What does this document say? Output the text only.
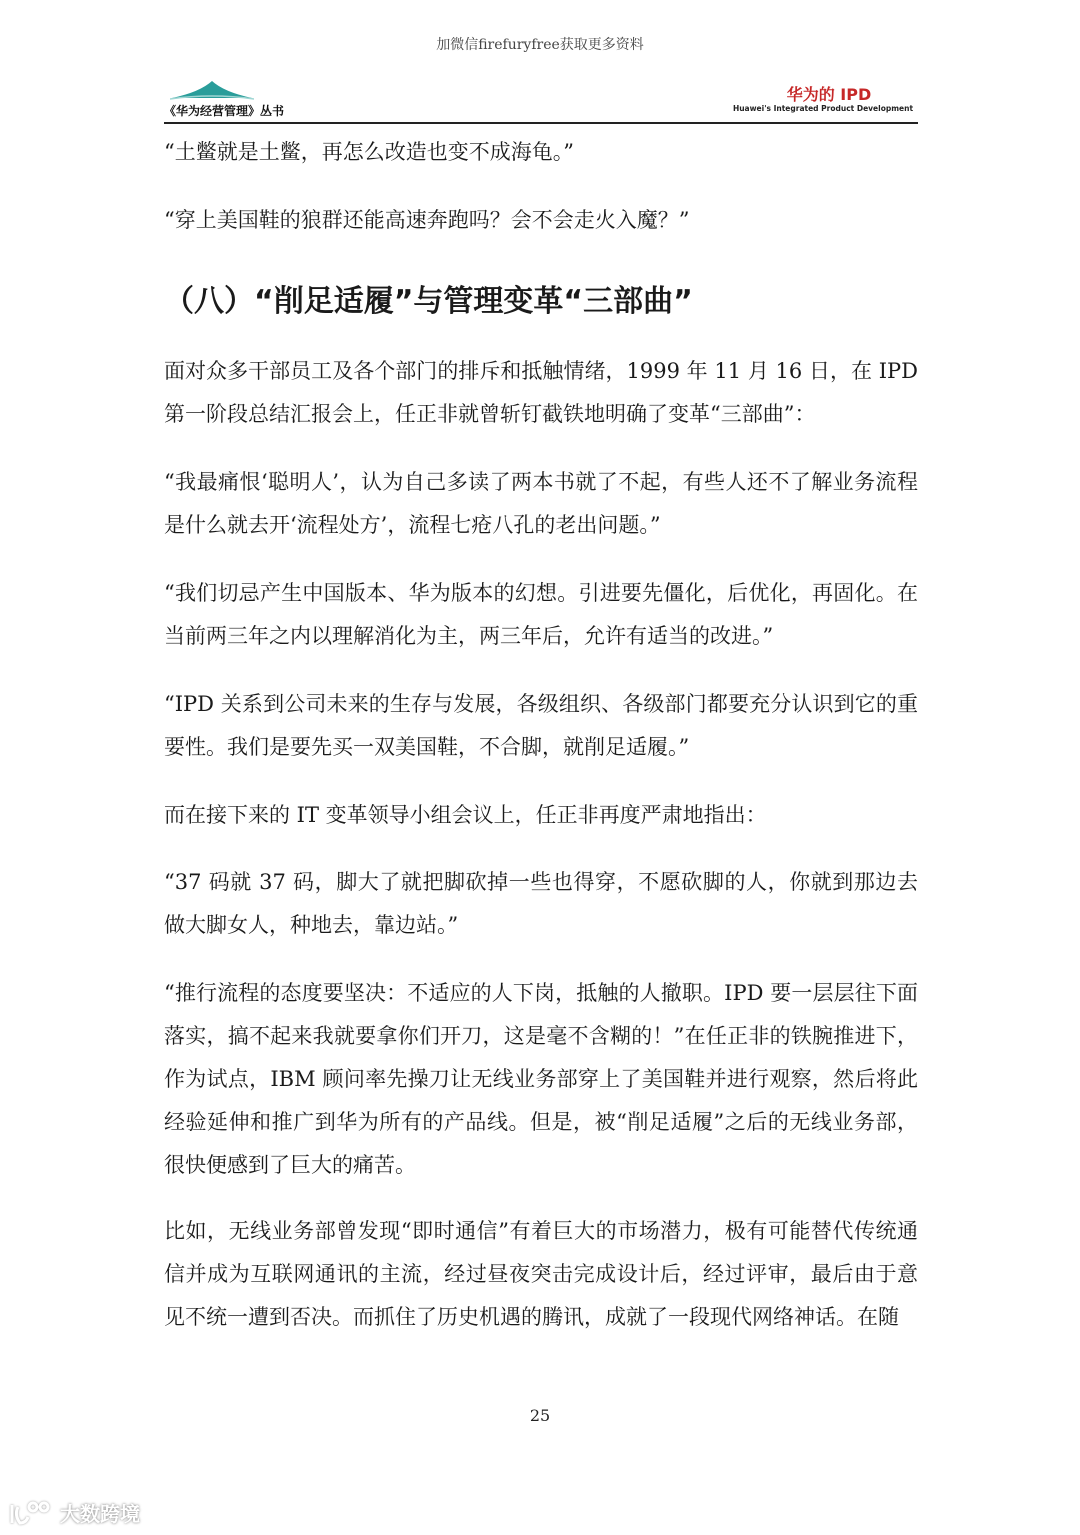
加微信firefuryfree获取更多资料
《华为经营管理》丛书
华为的 IPD
Huawei's Integrated Product Development

“土鳖就是土鳖，再怎么改造也变不成海龟。”

“穿上美国鞋的狼群还能高速奔跑吗？会不会走火入魔？”

（八）“削足适履”与管理变革“三部曲”

面对众多干部员工及各个部门的排斥和抵触情绪，1999 年 11 月 16 日，在 IPD 第一阶段总结汇报会上，任正非就曾斩钉截铁地明确了变革“三部曲”：

“我最痛恨‘聪明人’，认为自己多读了两本书就了不起，有些人还不了解业务流程是什么就去开‘流程处方’，流程七疮八孔的老出问题。”

“我们切忌产生中国版本、华为版本的幻想。引进要先僵化，后优化，再固化。在当前两三年之内以理解消化为主，两三年后，允许有适当的改进。”

“IPD 关系到公司未来的生存与发展，各级组织、各级部门都要充分认识到它的重要性。我们是要先买一双美国鞋，不合脚，就削足适履。”

而在接下来的 IT 变革领导小组会议上，任正非再度严肃地指出：

“37 码就 37 码，脚大了就把脚砍掉一些也得穿，不愿砍脚的人，你就到那边去做大脚女人，种地去，靠边站。”

“推行流程的态度要坚决：不适应的人下岗，抵触的人撤职。IPD 要一层层往下面落实，搞不起来我就要拿你们开刀，这是毫不含糊的！”在任正非的铁腕推进下，作为试点，IBM 顾问率先操刀让无线业务部穿上了美国鞋并进行观察，然后将此经验延伸和推广到华为所有的产品线。但是，被“削足适履”之后的无线业务部，很快便感到了巨大的痛苦。

比如，无线业务部曾发现“即时通信”有着巨大的市场潜力，极有可能替代传统通信并成为互联网通讯的主流，经过昼夜突击完成设计后，经过评审，最后由于意见不统一遭到否决。而抓住了历史机遇的腾讯，成就了一段现代网络神话。在随

25
大数跨境
